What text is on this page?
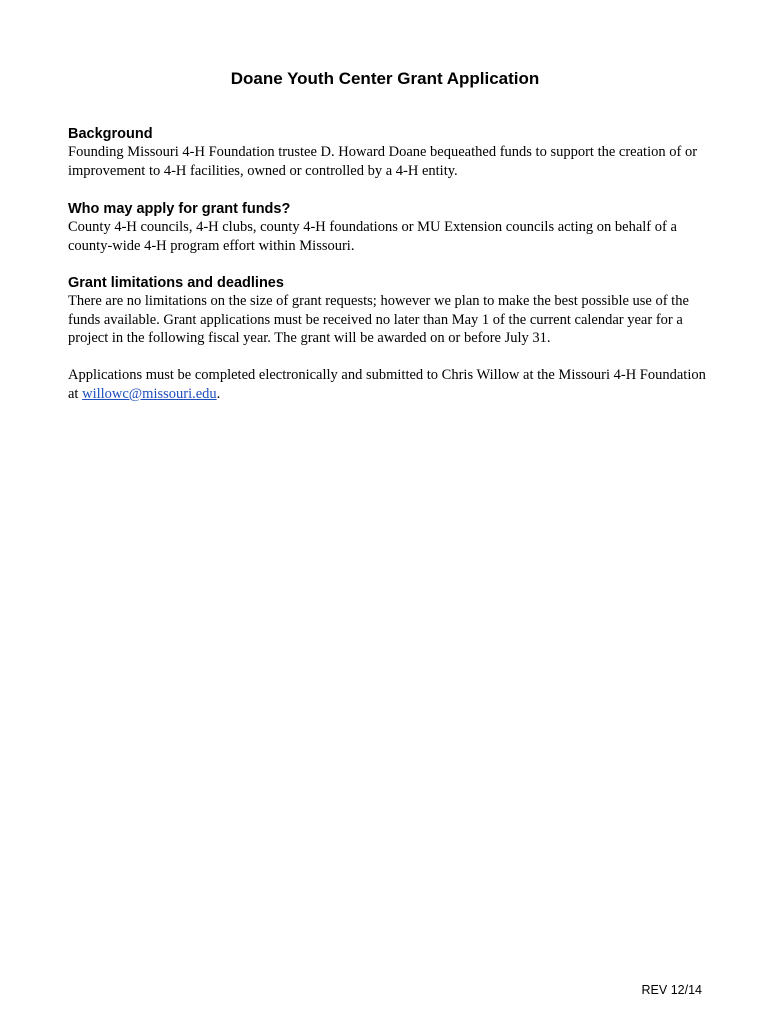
Doane Youth Center Grant Application

Background

Founding Missouri 4-H Foundation trustee D. Howard Doane bequeathed funds to support the creation of or improvement to 4-H facilities, owned or controlled by a 4-H entity.

Who may apply for grant funds?

County 4-H councils, 4-H clubs, county 4-H foundations or MU Extension councils acting on behalf of a county-wide 4-H program effort within Missouri.

Grant limitations and deadlines

There are no limitations on the size of grant requests; however we plan to make the best possible use of the funds available. Grant applications must be received no later than May 1 of the current calendar year for a project in the following fiscal year. The grant will be awarded on or before July 31.

Applications must be completed electronically and submitted to Chris Willow at the Missouri 4-H Foundation at willowc@missouri.edu.

REV 12/14
